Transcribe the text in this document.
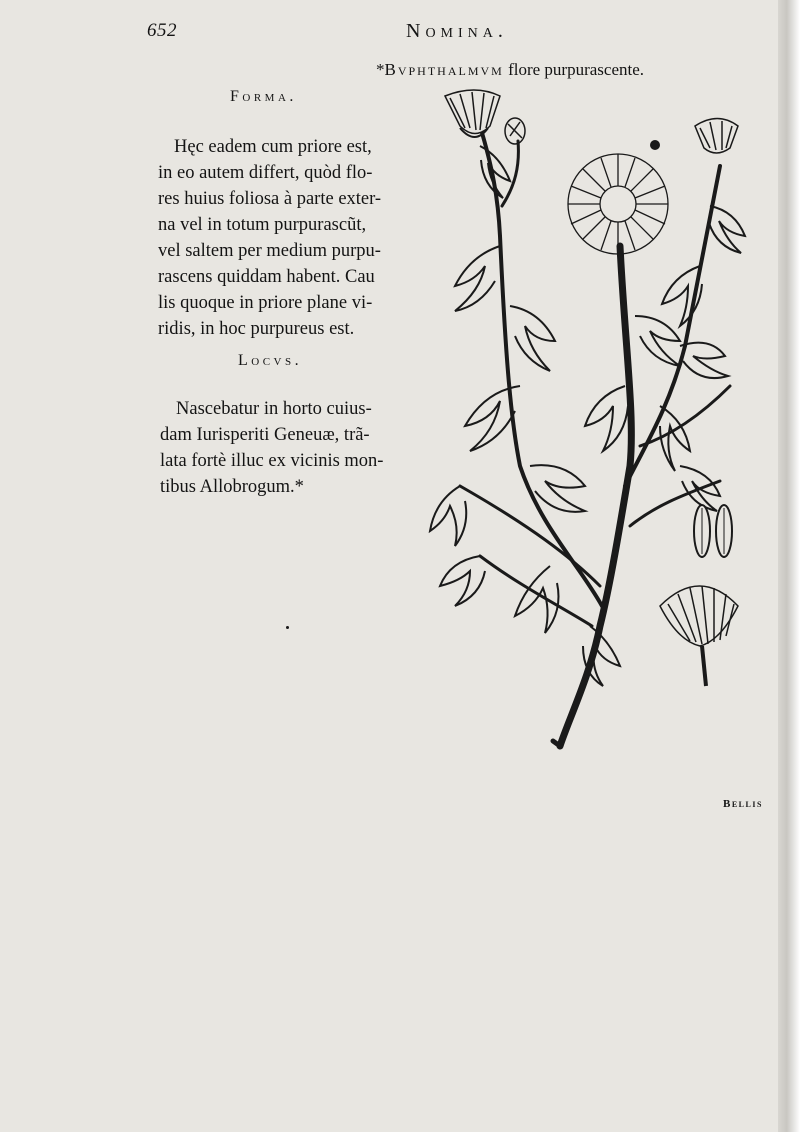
652	Nomina.
*Bvphthalmvm flore purpurascente.
Forma.
Hęc eadem cum priore est,
in eo autem differt, quòd flo-
res huius foliosa à parte exter-
na vel in totum purpurascũt,
vel saltem per medium purpu-
rascens quiddam habent. Cau
lis quoque in priore plane vi-
ridis, in hoc purpureus est.
Locvs.
Nascebatur in horto cuius-
dam Iurisperiti Geneuæ, trã-
lata fortè illuc ex vicinis mon-
tibus Allobrogum.*
Bellis
